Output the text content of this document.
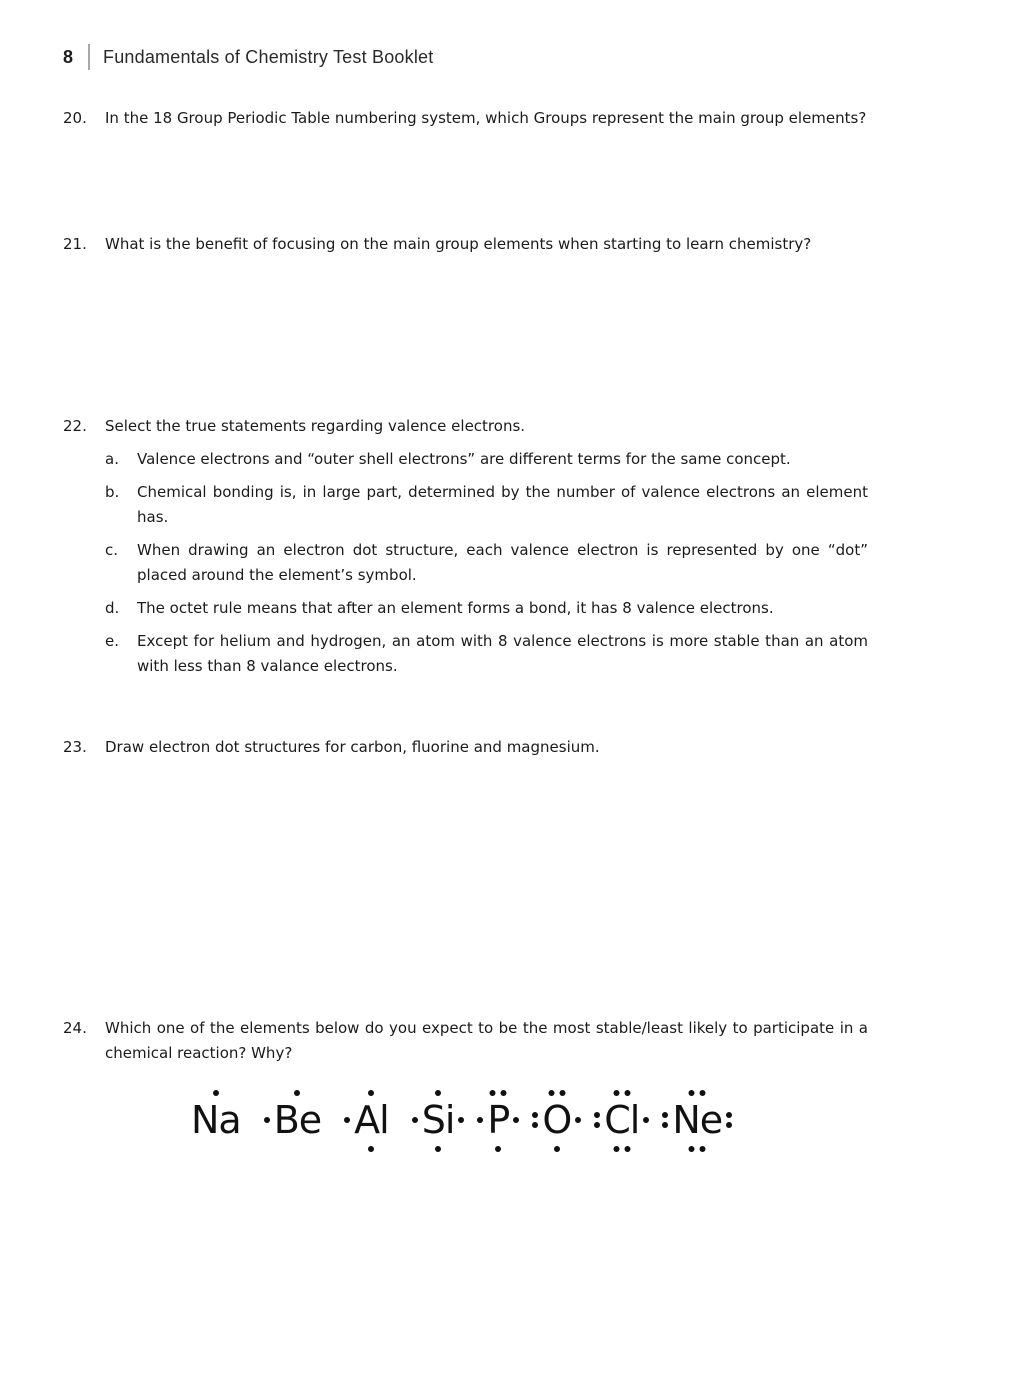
8 Fundamentals of Chemistry Test Booklet
20.	In the 18 Group Periodic Table numbering system, which Groups represent the main group elements?
21.	What is the benefit of focusing on the main group elements when starting to learn chemistry?
22.	Select the true statements regarding valence electrons.
a.	Valence electrons and “outer shell electrons” are different terms for the same concept.
b.	Chemical bonding is, in large part, determined by the number of valence electrons an element has.
c.	When drawing an electron dot structure, each valence electron is represented by one “dot” placed around the element’s symbol.
d.	The octet rule means that after an element forms a bond, it has 8 valence electrons.
e.	Except for helium and hydrogen, an atom with 8 valence electrons is more stable than an atom with less than 8 valance electrons.
23.	Draw electron dot structures for carbon, fluorine and magnesium.
24.	Which one of the elements below do you expect to be the most stable/least likely to participate in a chemical reaction? Why?
Na Be Al Si P O Cl Ne
